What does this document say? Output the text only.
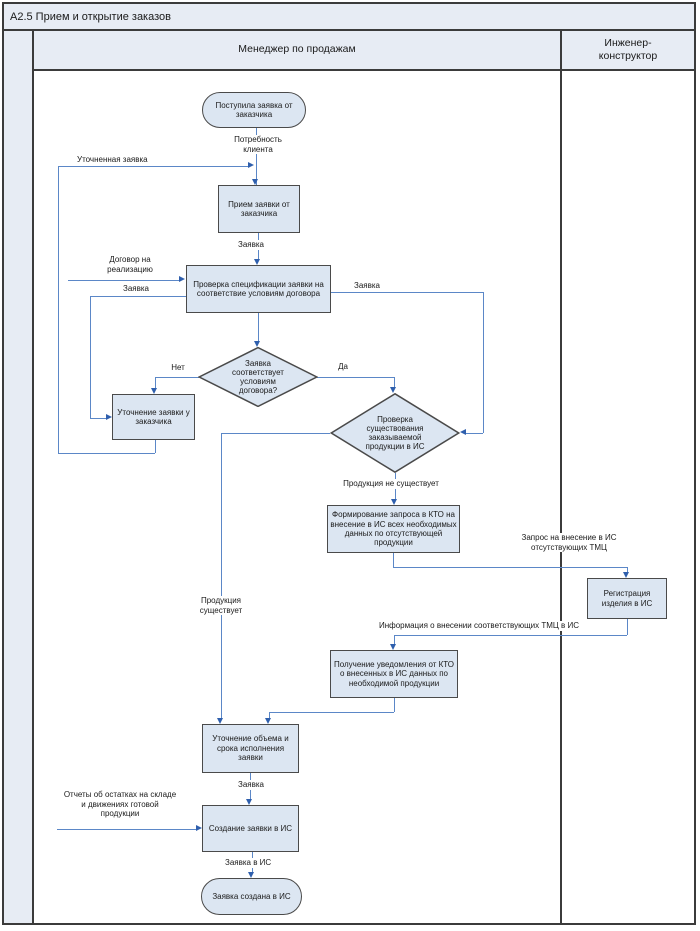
А2.5 Прием и открытие заказов
Менеджер по продажам
Инженер-конструктор
Потребность клиента
Уточненная заявка
Заявка
Договор на реализацию
Заявка
Нет	Да
Заявка
Продукция не существует
Запрос на внесение в ИС отсутствующих ТМЦ
Информация о внесении соответствующих ТМЦ в ИС
Продукция существует
Заявка
Отчеты об остатках на складе и движениях готовой продукции
Заявка в ИС
Поступила заявка от заказчика
Прием заявки от заказчика
Проверка спецификации заявки на соответствие условиям договора
Заявка соответствует условиям договора?
Уточнение заявки у заказчика	Проверка существования заказываемой продукции в ИС
Формирование запроса в КТО на внесение в ИС всех необходимых данных по отсутствующей продукции
Регистрация изделия в ИС
Получение уведомления от КТО о внесенных в ИС данных по необходимой продукции
Уточнение объема и срока исполнения заявки
Создание заявки в ИС
Заявка создана в ИС
